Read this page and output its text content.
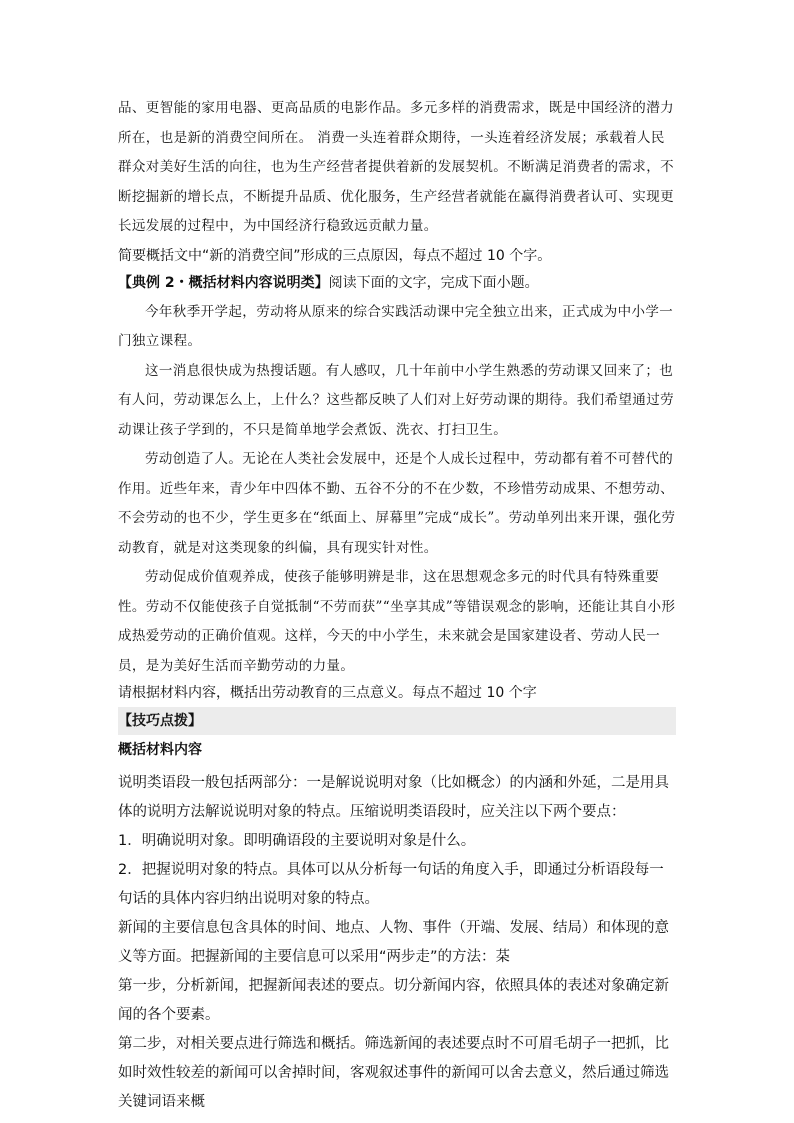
品、更智能的家用电器、更高品质的电影作品。多元多样的消费需求，既是中国经济的潜力所在，也是新的消费空间所在。 消费一头连着群众期待，一头连着经济发展；承载着人民群众对美好生活的向往，也为生产经营者提供着新的发展契机。不断满足消费者的需求，不断挖掘新的增长点，不断提升品质、优化服务，生产经营者就能在赢得消费者认可、实现更长远发展的过程中，为中国经济行稳致远贡献力量。

简要概括文中“新的消费空间”形成的三点原因，每点不超过 10 个字。

【典例 2・概括材料内容说明类】阅读下面的文字，完成下面小题。

今年秋季开学起，劳动将从原来的综合实践活动课中完全独立出来，正式成为中小学一门独立课程。

这一消息很快成为热搜话题。有人感叹，几十年前中小学生熟悉的劳动课又回来了；也有人问，劳动课怎么上，上什么？这些都反映了人们对上好劳动课的期待。我们希望通过劳动课让孩子学到的，不只是简单地学会煮饭、洗衣、打扫卫生。

劳动创造了人。无论在人类社会发展中，还是个人成长过程中，劳动都有着不可替代的作用。近些年来，青少年中四体不勤、五谷不分的不在少数，不珍惜劳动成果、不想劳动、不会劳动的也不少，学生更多在“纸面上、屏幕里”完成“成长”。劳动单列出来开课，强化劳动教育，就是对这类现象的纠偏，具有现实针对性。

劳动促成价值观养成，使孩子能够明辨是非，这在思想观念多元的时代具有特殊重要性。劳动不仅能使孩子自觉抵制“不劳而获”“坐享其成”等错误观念的影响，还能让其自小形成热爱劳动的正确价值观。这样，今天的中小学生，未来就会是国家建设者、劳动人民一员，是为美好生活而辛勤劳动的力量。

请根据材料内容，概括出劳动教育的三点意义。每点不超过 10 个字

【技巧点拨】
概括材料内容

说明类语段一般包括两部分：一是解说说明对象（比如概念）的内涵和外延，二是用具体的说明方法解说说明对象的特点。压缩说明类语段时，应关注以下两个要点：

1．明确说明对象。即明确语段的主要说明对象是什么。

2．把握说明对象的特点。具体可以从分析每一句话的角度入手，即通过分析语段每一句话的具体内容归纳出说明对象的特点。

新闻的主要信息包含具体的时间、地点、人物、事件（开端、发展、结局）和体现的意义等方面。把握新闻的主要信息可以采用“两步走”的方法：䒳

第一步，分析新闻，把握新闻表述的要点。切分新闻内容，依照具体的表述对象确定新闻的各个要素。

第二步，对相关要点进行筛选和概括。筛选新闻的表述要点时不可眉毛胡子一把抓，比如时效性较差的新闻可以舍掉时间，客观叙述事件的新闻可以舍去意义，然后通过筛选关键词语来概
